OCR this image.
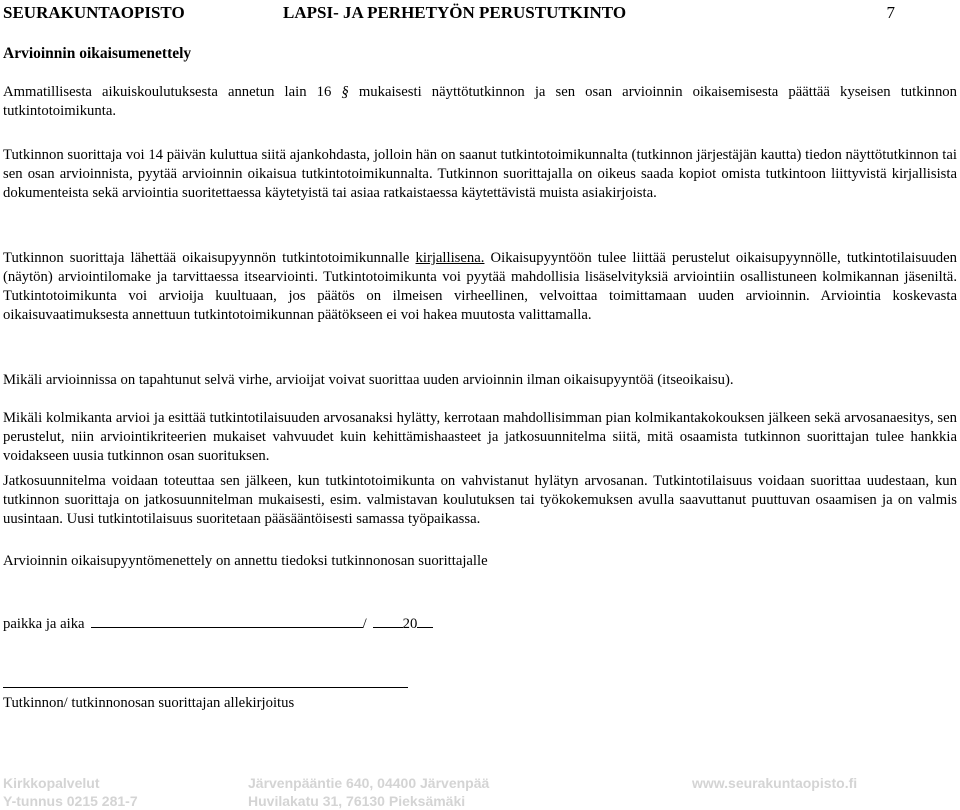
SEURAKUNTAOPISTO	LAPSI- JA PERHETYÖN PERUSTUTKINTO	7
Arvioinnin oikaisumenettely
Ammatillisesta aikuiskoulutuksesta annetun lain 16 § mukaisesti näyttötutkinnon ja sen osan arvioinnin oikaisemisesta päättää kyseisen tutkinnon tutkintotoimikunta.
Tutkinnon suorittaja voi 14 päivän kuluttua siitä ajankohdasta, jolloin hän on saanut tutkintotoimikunnalta (tutkinnon järjestäjän kautta) tiedon näyttötutkinnon tai sen osan arvioinnista, pyytää arvioinnin oikaisua tutkintotoimikunnalta. Tutkinnon suorittajalla on oikeus saada kopiot omista tutkintoon liittyvistä kirjallisista dokumenteista sekä arviointia suoritettaessa käytetyistä tai asiaa ratkaistaessa käytettävistä muista asiakirjoista.
Tutkinnon suorittaja lähettää oikaisupyynnön tutkintotoimikunnalle kirjallisena. Oikaisupyyntöön tulee liittää perustelut oikaisupyynnölle, tutkintotilaisuuden (näytön) arviointilomake ja tarvittaessa itsearviointi. Tutkintotoimikunta voi pyytää mahdollisia lisäselvityksiä arviointiin osallistuneen kolmikannan jäseniltä. Tutkintotoimikunta voi arvioija kuultuaan, jos päätös on ilmeisen virheellinen, velvoittaa toimittamaan uuden arvioinnin. Arviointia koskevasta oikaisuvaatimuksesta annettuun tutkintotoimikunnan päätökseen ei voi hakea muutosta valittamalla.
Mikäli arvioinnissa on tapahtunut selvä virhe, arvioijat voivat suorittaa uuden arvioinnin ilman oikaisupyyntöä (itseoikaisu).
Mikäli kolmikanta arvioi ja esittää tutkintotilaisuuden arvosanaksi hylätty, kerrotaan mahdollisimman pian kolmikantakokouksen jälkeen sekä arvosanaesitys, sen perustelut, niin arviointikriteerien mukaiset vahvuudet kuin kehittämishaasteet ja jatkosuunnitelma siitä, mitä osaamista tutkinnon suorittajan tulee hankkia voidakseen uusia tutkinnon osan suorituksen.
Jatkosuunnitelma voidaan toteuttaa sen jälkeen, kun tutkintotoimikunta on vahvistanut hylätyn arvosanan. Tutkintotilaisuus voidaan suorittaa uudestaan, kun tutkinnon suorittaja on jatkosuunnitelman mukaisesti, esim. valmistavan koulutuksen tai työkokemuksen avulla saavuttanut puuttuvan osaamisen ja on valmis uusintaan. Uusi tutkintotilaisuus suoritetaan pääsääntöisesti samassa työpaikassa.
Arvioinnin oikaisupyyntömenettely on annettu tiedoksi tutkinnonosan suorittajalle
paikka ja aika	/ 20
Tutkinnon/ tutkinnonosan suorittajan allekirjoitus
Kirkkopalvelut
Y-tunnus 0215 281-7
Järvenpääntie 640, 04400 Järvenpää
Huvilakatu 31, 76130 Pieksämäki
www.seurakuntaopisto.fi
